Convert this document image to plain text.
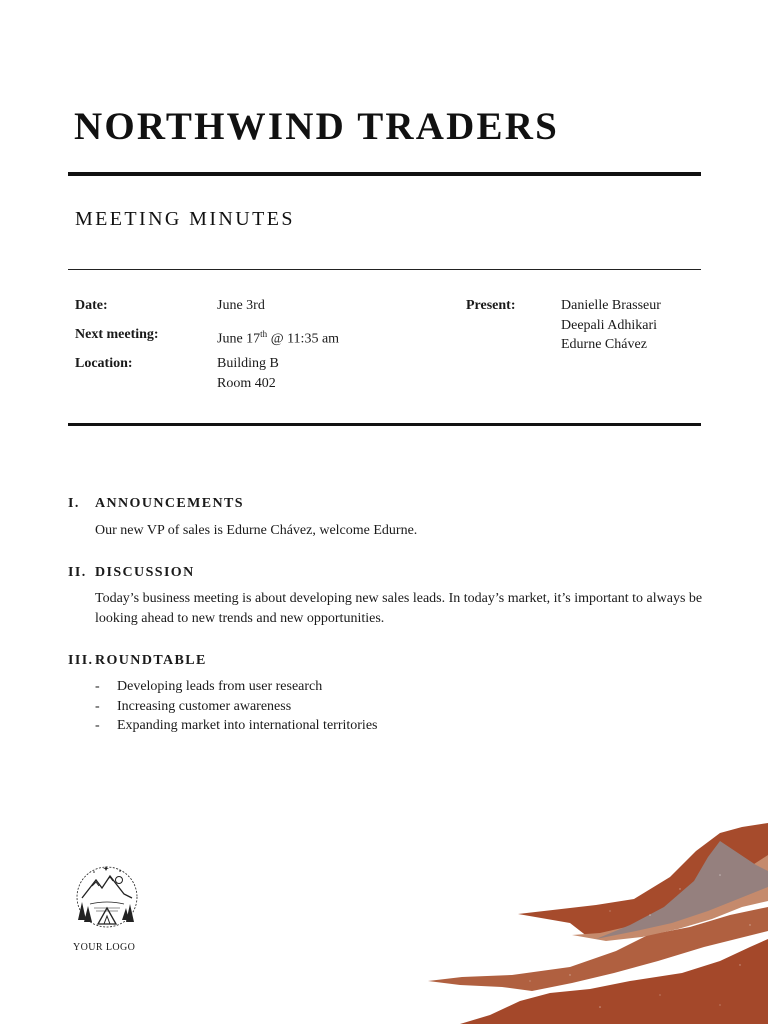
NORTHWIND TRADERS
MEETING MINUTES
Date:	June 3rd
Next meeting:	June 17th @ 11:35 am
Location:	Building B
Room 402
Present:	Danielle Brasseur
Deepali Adhikari
Edurne Chávez
I. ANNOUNCEMENTS
Our new VP of sales is Edurne Chávez, welcome Edurne.
II. DISCUSSION
Today’s business meeting is about developing new sales leads. In today’s market, it’s important to always be looking ahead to new trends and new opportunities.
III. ROUNDTABLE
-	Developing leads from user research
-	Increasing customer awareness
-	Expanding market into international territories
YOUR LOGO
